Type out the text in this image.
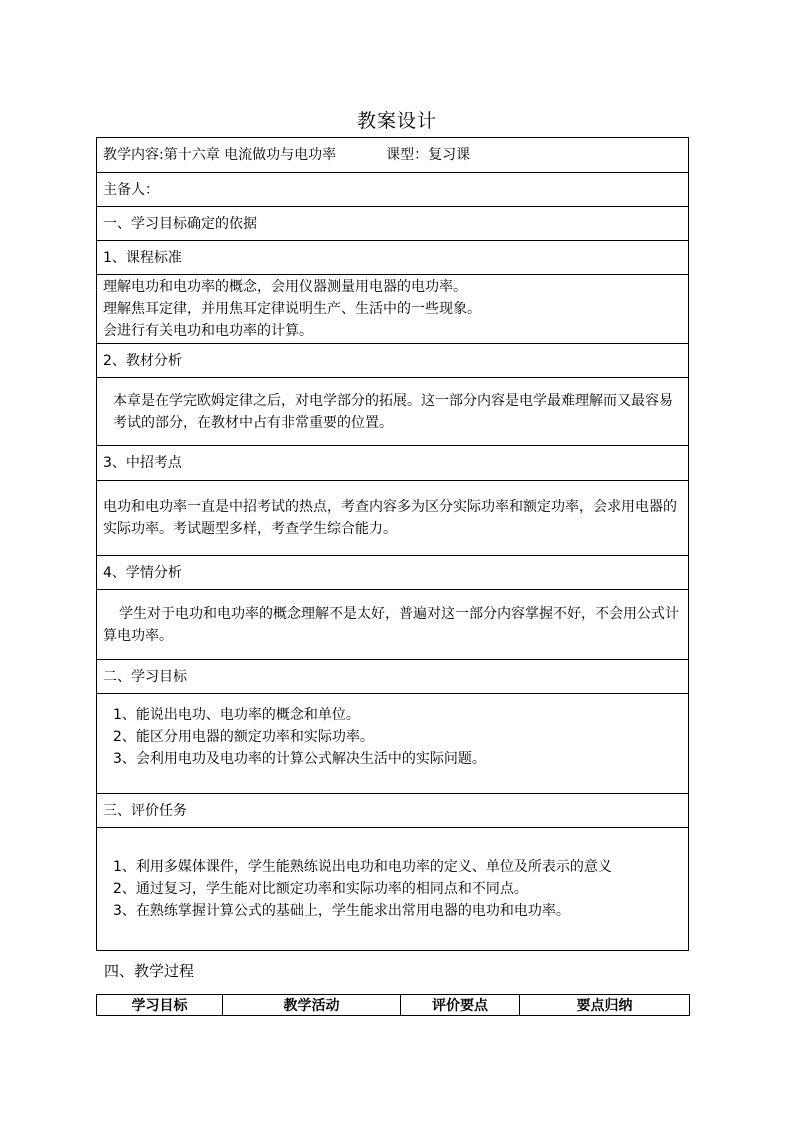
教案设计
教学内容:第十六章 电流做功与电功率	课型：复习课
主备人：
一、学习目标确定的依据
1、课程标准

理解电功和电功率的概念，会用仪器测量用电器的电功率。
理解焦耳定律，并用焦耳定律说明生产、生活中的一些现象。
会进行有关电功和电功率的计算。

2、教材分析
本章是在学完欧姆定律之后，对电学部分的拓展。这一部分内容是电学最难理解而又最容易考试的部分，在教材中占有非常重要的位置。
3、中招考点
电功和电功率一直是中招考试的热点，考查内容多为区分实际功率和额定功率，会求用电器的实际功率。考试题型多样，考查学生综合能力。
4、学情分析
学生对于电功和电功率的概念理解不是太好，普遍对这一部分内容掌握不好，不会用公式计算电功率。
二、学习目标

1、能说出电功、电功率的概念和单位。
2、能区分用电器的额定功率和实际功率。
3、会利用电功及电功率的计算公式解决生活中的实际问题。

三、评价任务

1、利用多媒体课件，学生能熟练说出电功和电功率的定义、单位及所表示的意义
2、通过复习，学生能对比额定功率和实际功率的相同点和不同点。
3、在熟练掌握计算公式的基础上，学生能求出常用电器的电功和电功率。
四、教学过程
学习目标	教学活动	评价要点	要点归纳
